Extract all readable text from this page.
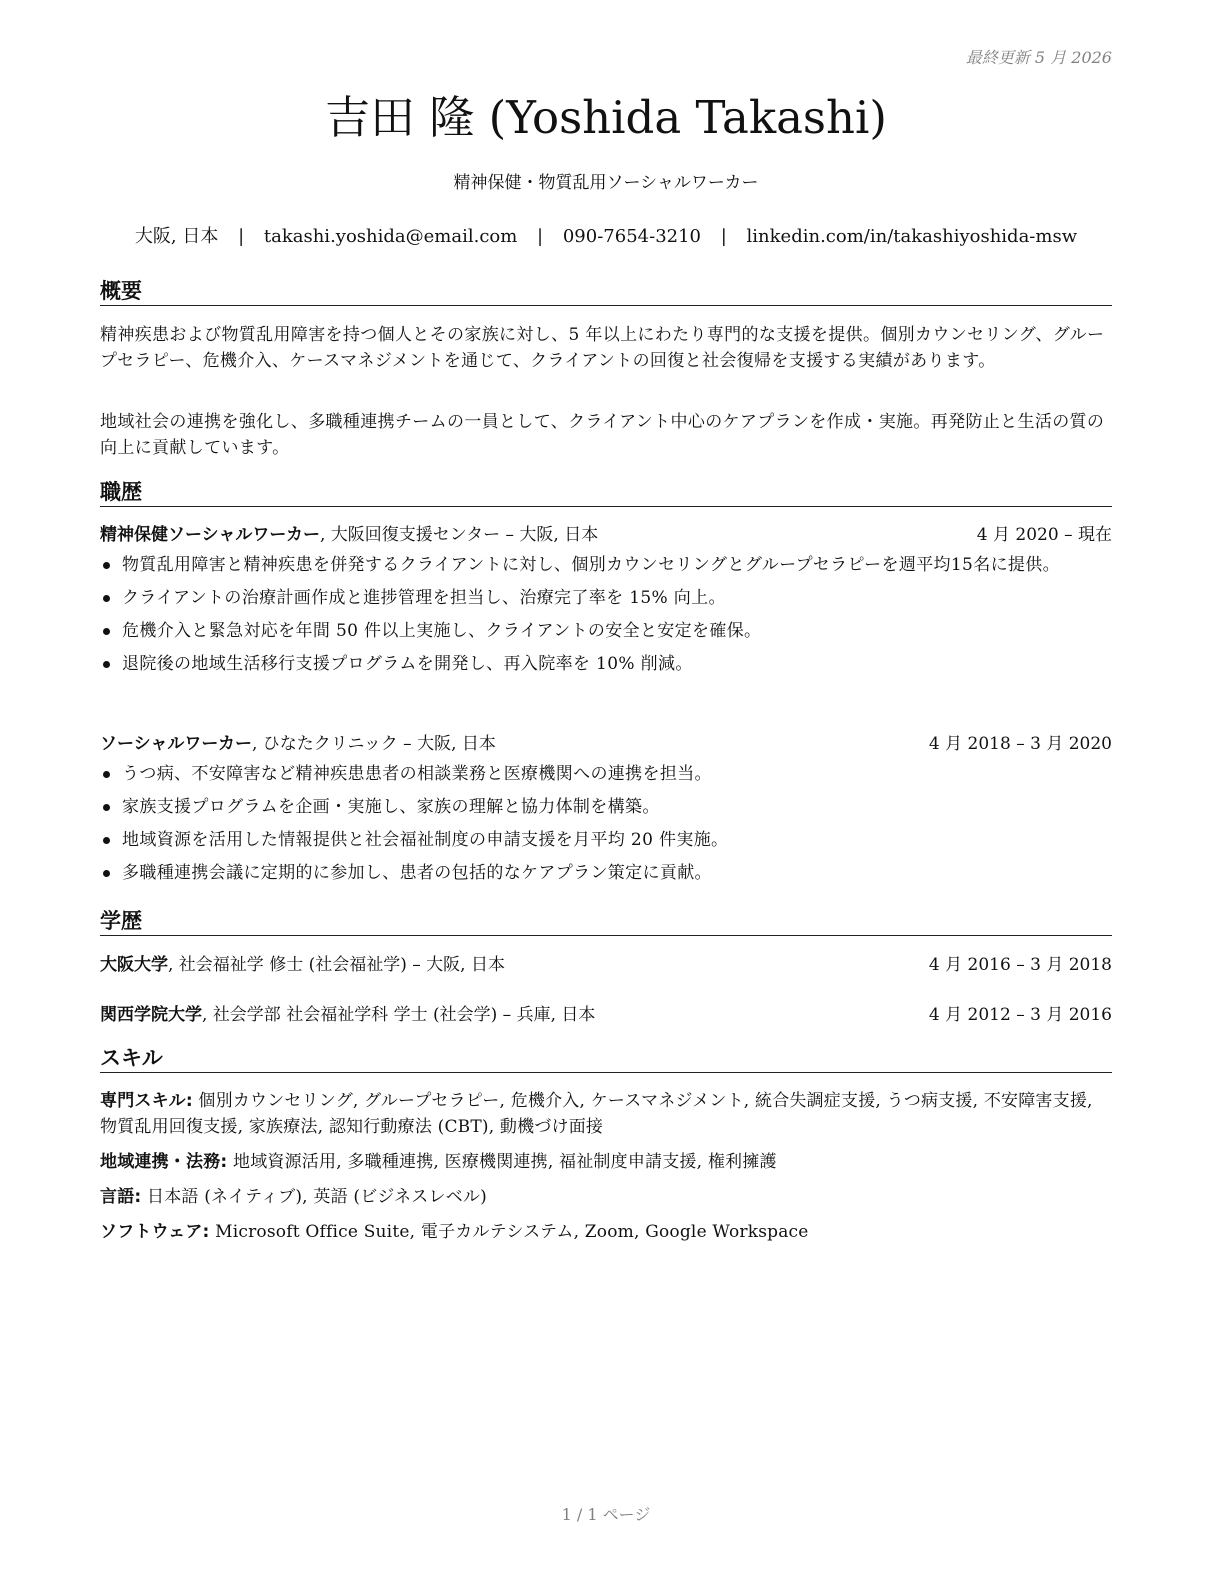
最終更新 5 月 2026
吉田 隆 (Yoshida Takashi)
精神保健・物質乱用ソーシャルワーカー
大阪, 日本 | takashi.yoshida@email.com | 090-7654-3210 | linkedin.com/in/takashiyoshida-msw
概要

精神疾患および物質乱用障害を持つ個人とその家族に対し、5 年以上にわたり専門的な支援を提供。個別カウンセリング、グループセラピー、危機介入、ケースマネジメントを通じて、クライアントの回復と社会復帰を支援する実績があります。

地域社会の連携を強化し、多職種連携チームの一員として、クライアント中心のケアプランを作成・実施。再発防止と生活の質の向上に貢献しています。

職歴
精神保健ソーシャルワーカー, 大阪回復支援センター – 大阪, 日本	4 月 2020 – 現在
物質乱用障害と精神疾患を併発するクライアントに対し、個別カウンセリングとグループセラピーを週平均15名に提供。
クライアントの治療計画作成と進捗管理を担当し、治療完了率を 15% 向上。
危機介入と緊急対応を年間 50 件以上実施し、クライアントの安全と安定を確保。
退院後の地域生活移行支援プログラムを開発し、再入院率を 10% 削減。
ソーシャルワーカー, ひなたクリニック – 大阪, 日本	4 月 2018 – 3 月 2020
うつ病、不安障害など精神疾患患者の相談業務と医療機関への連携を担当。
家族支援プログラムを企画・実施し、家族の理解と協力体制を構築。
地域資源を活用した情報提供と社会福祉制度の申請支援を月平均 20 件実施。
多職種連携会議に定期的に参加し、患者の包括的なケアプラン策定に貢献。
学歴
大阪大学, 社会福祉学 修士 (社会福祉学) – 大阪, 日本	4 月 2016 – 3 月 2018
関西学院大学, 社会学部 社会福祉学科 学士 (社会学) – 兵庫, 日本	4 月 2012 – 3 月 2016
スキル

専門スキル: 個別カウンセリング, グループセラピー, 危機介入, ケースマネジメント, 統合失調症支援, うつ病支援, 不安障害支援, 物質乱用回復支援, 家族療法, 認知行動療法 (CBT), 動機づけ面接

地域連携・法務: 地域資源活用, 多職種連携, 医療機関連携, 福祉制度申請支援, 権利擁護

言語: 日本語 (ネイティブ), 英語 (ビジネスレベル)

ソフトウェア: Microsoft Office Suite, 電子カルテシステム, Zoom, Google Workspace

1 / 1 ページ
